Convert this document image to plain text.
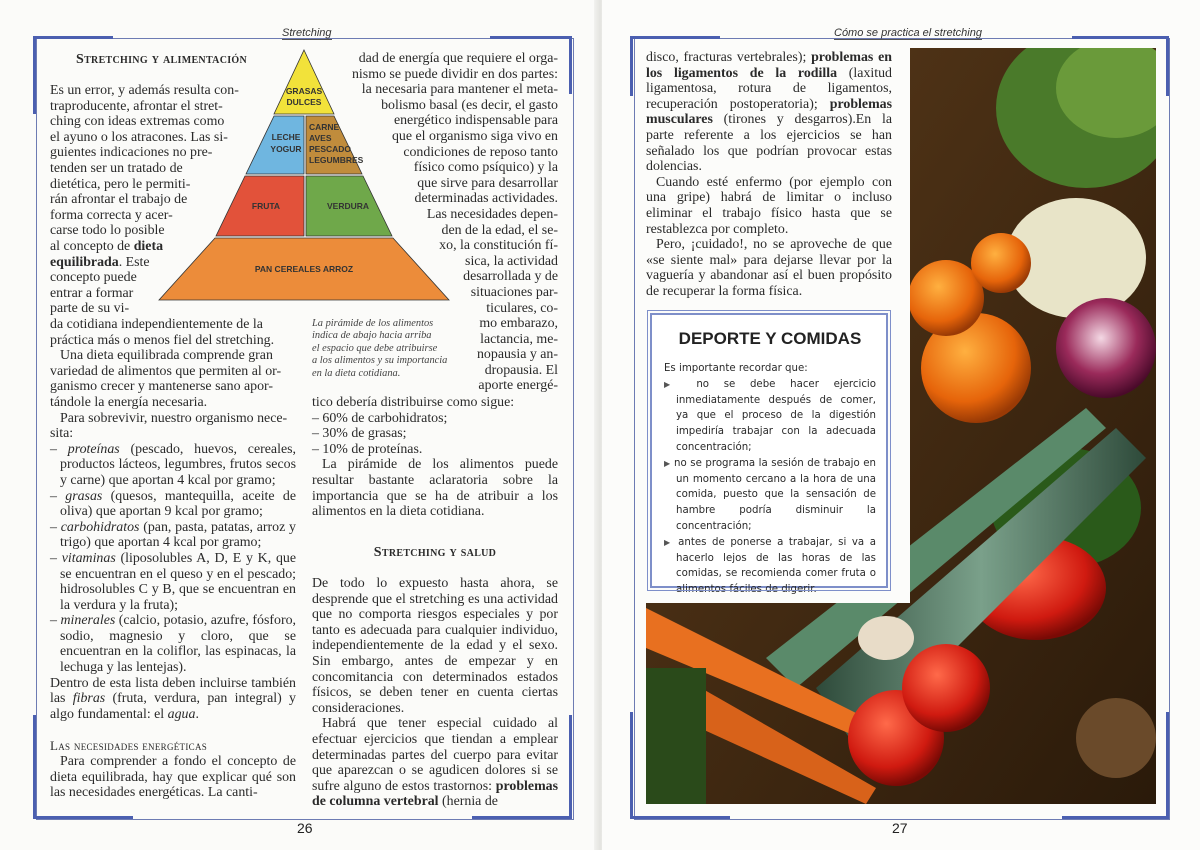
Stretching
26
Stretching y alimentación
Es un error, y además resulta con-
traproducente, afrontar el stret-
ching con ideas extremas como
el ayuno o los atracones. Las si-
guientes indicaciones no pre-
tenden ser un tratado de
dietética, pero le permiti-
rán afrontar el trabajo de
forma correcta y acer-
carse todo lo posible
al concepto de dieta equilibrada. Este
concepto puede
entrar a formar
parte de su vi-
GRASAS
DULCES
LECHE
YOGUR
CARNE
AVES
PESCADO
LEGUMBRES
FRUTA	VERDURA
PAN CEREALES ARROZ
da cotidiana independientemente de la
práctica más o menos fiel del stretching.
Una dieta equilibrada comprende gran
variedad de alimentos que permiten al or-
ganismo crecer y mantenerse sano apor-
tándole la energía necesaria.
Para sobrevivir, nuestro organismo nece-
sita:
– proteínas (pescado, huevos, cereales, productos lácteos, legumbres, frutos secos y carne) que aportan 4 kcal por gramo;
– grasas (quesos, mantequilla, aceite de oliva) que aportan 9 kcal por gramo;
– carbohidratos (pan, pasta, patatas, arroz y trigo) que aportan 4 kcal por gramo;
– vitaminas (liposolubles A, D, E y K, que se encuentran en el queso y en el pescado; hidrosolubles C y B, que se encuentran en la verdura y la fruta);
– minerales (calcio, potasio, azufre, fósforo, sodio, magnesio y cloro, que se encuentran en la coliflor, las espinacas, la lechuga y las lentejas).

Dentro de esta lista deben incluirse también las fibras (fruta, verdura, pan integral) y algo fundamental: el agua.

Las necesidades energéticas

Para comprender a fondo el concepto de dieta equilibrada, hay que explicar qué son las necesidades energéticas. La canti-

dad de energía que requiere el orga-
nismo se puede dividir en dos partes:
la necesaria para mantener el meta-
bolismo basal (es decir, el gasto
energético indispensable para
que el organismo siga vivo en
condiciones de reposo tanto
físico como psíquico) y la
que sirve para desarrollar
determinadas actividades.
Las necesidades depen-
den de la edad, el se-
xo, la constitución fí-
sica, la actividad
desarrollada y de
situaciones par-
ticulares, co-
mo embarazo,
lactancia, me-
nopausia y an-
dropausia. El
aporte energé-
La pirámide de los alimentos
indica de abajo hacia arriba
el espacio que debe atribuirse
a los alimentos y su importancia
en la dieta cotidiana.
tico debería distribuirse como sigue:
– 60% de carbohidratos;
– 30% de grasas;
– 10% de proteínas.

La pirámide de los alimentos puede resultar bastante aclaratoria sobre la importancia que se ha de atribuir a los alimentos en la dieta cotidiana.

Stretching y salud

De todo lo expuesto hasta ahora, se desprende que el stretching es una actividad que no comporta riesgos especiales y por tanto es adecuada para cualquier individuo, independientemente de la edad y el sexo. Sin embargo, antes de empezar y en concomitancia con determinados estados físicos, se deben tener en cuenta ciertas consideraciones.

Habrá que tener especial cuidado al efectuar ejercicios que tiendan a emplear determinadas partes del cuerpo para evitar que aparezcan o se agudicen dolores si se sufre alguno de estos trastornos: problemas de columna vertebral (hernia de

Cómo se practica el stretching
27

disco, fracturas vertebrales); problemas en los ligamentos de la rodilla (laxitud ligamentosa, rotura de ligamentos, recuperación postoperatoria); problemas musculares (tirones y desgarros).En la parte referente a los ejercicios se han señalado los que podrían provocar estas dolencias.

Cuando esté enfermo (por ejemplo con una gripe) habrá de limitar o incluso eliminar el trabajo físico hasta que se restablezca por completo.

Pero, ¡cuidado!, no se aproveche de que «se siente mal» para dejarse llevar por la vaguería y abandonar así el buen propósito de recuperar la forma física.

DEPORTE Y COMIDAS
Es importante recordar que:
▶ no se debe hacer ejercicio inmediatamente después de comer, ya que el proceso de la digestión impediría trabajar con la adecuada concentración;
▶ no se programa la sesión de trabajo en un momento cercano a la hora de una comida, puesto que la sensación de hambre podría disminuir la concentración;
▶ antes de ponerse a trabajar, si va a hacerlo lejos de las horas de las comidas, se recomienda comer fruta o alimentos fáciles de digerir.
